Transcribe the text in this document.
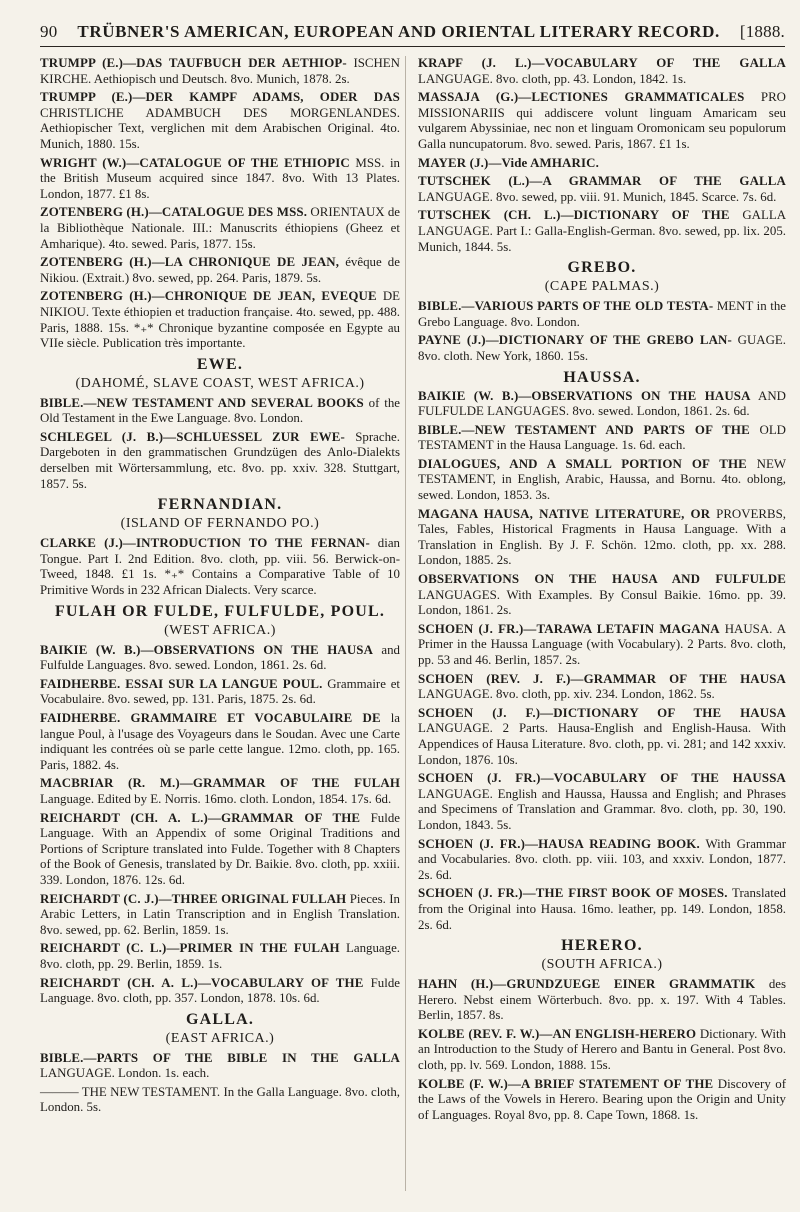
90 TRÜBNER'S AMERICAN, EUROPEAN AND ORIENTAL LITERARY RECORD. [1888.
TRUMPP (E.)—DAS TAUFBUCH DER AETHIOP- ISCHEN KIRCHE. Aethiopisch und Deutsch. 8vo. Munich, 1878. 2s.
TRUMPP (E.)—DER KAMPF ADAMS, ODER DAS CHRISTLICHE ADAMBUCH DES MORGENLANDES. Aethiopischer Text, verglichen mit dem Arabischen Original. 4to. Munich, 1880. 15s.
WRIGHT (W.)—CATALOGUE OF THE ETHIOPIC MSS. in the British Museum acquired since 1847. 8vo. With 13 Plates. London, 1877. £1 8s.
ZOTENBERG (H.)—CATALOGUE DES MSS. ORIENTAUX de la Bibliothèque Nationale. III.: Manuscrits éthiopiens (Gheez et Amharique). 4to. sewed. Paris, 1877. 15s.
ZOTENBERG (H.)—LA CHRONIQUE DE JEAN, évêque de Nikiou. (Extrait.) 8vo. sewed, pp. 264. Paris, 1879. 5s.
ZOTENBERG (H.)—CHRONIQUE DE JEAN, EVEQUE DE NIKIOU. Texte éthiopien et traduction française. 4to. sewed, pp. 488. Paris, 1888. 15s. *₊* Chronique byzantine composée en Egypte au VIIe siècle. Publication très importante.
EWE.
(DAHOMÉ, SLAVE COAST, WEST AFRICA.)
BIBLE.—NEW TESTAMENT AND SEVERAL BOOKS of the Old Testament in the Ewe Language. 8vo. London.
SCHLEGEL (J. B.)—SCHLUESSEL ZUR EWE- Sprache. Dargeboten in den grammatischen Grundzügen des Anlo-Dialekts derselben mit Wörtersammlung, etc. 8vo. pp. xxiv. 328. Stuttgart, 1857. 5s.
FERNANDIAN.
(ISLAND OF FERNANDO PO.)
CLARKE (J.)—INTRODUCTION TO THE FERNAN- dian Tongue. Part I. 2nd Edition. 8vo. cloth, pp. viii. 56. Berwick-on-Tweed, 1848. £1 1s. *₊* Contains a Comparative Table of 10 Primitive Words in 232 African Dialects. Very scarce.
FULAH OR FULDE, FULFULDE, POUL.
(WEST AFRICA.)
BAIKIE (W. B.)—OBSERVATIONS ON THE HAUSA and Fulfulde Languages. 8vo. sewed. London, 1861. 2s. 6d.
FAIDHERBE. ESSAI SUR LA LANGUE POUL. Grammaire et Vocabulaire. 8vo. sewed, pp. 131. Paris, 1875. 2s. 6d.
FAIDHERBE. GRAMMAIRE ET VOCABULAIRE DE la langue Poul, à l'usage des Voyageurs dans le Soudan. Avec une Carte indiquant les contrées où se parle cette langue. 12mo. cloth, pp. 165. Paris, 1882. 4s.
MACBRIAR (R. M.)—GRAMMAR OF THE FULAH Language. Edited by E. Norris. 16mo. cloth. London, 1854. 17s. 6d.
REICHARDT (CH. A. L.)—GRAMMAR OF THE Fulde Language. With an Appendix of some Original Traditions and Portions of Scripture translated into Fulde. Together with 8 Chapters of the Book of Genesis, translated by Dr. Baikie. 8vo. cloth, pp. xxiii. 339. London, 1876. 12s. 6d.
REICHARDT (C. J.)—THREE ORIGINAL FULLAH Pieces. In Arabic Letters, in Latin Transcription and in English Translation. 8vo. sewed, pp. 62. Berlin, 1859. 1s.
REICHARDT (C. L.)—PRIMER IN THE FULAH Language. 8vo. cloth, pp. 29. Berlin, 1859. 1s.
REICHARDT (CH. A. L.)—VOCABULARY OF THE Fulde Language. 8vo. cloth, pp. 357. London, 1878. 10s. 6d.
GALLA.
(EAST AFRICA.)
BIBLE.—PARTS OF THE BIBLE IN THE GALLA LANGUAGE. London. 1s. each.
——— THE NEW TESTAMENT. In the Galla Language. 8vo. cloth, London. 5s.
KRAPF (J. L.)—VOCABULARY OF THE GALLA LANGUAGE. 8vo. cloth, pp. 43. London, 1842. 1s.
MASSAJA (G.)—LECTIONES GRAMMATICALES PRO MISSIONARIIS qui addiscere volunt linguam Amaricam seu vulgarem Abyssiniae, nec non et linguam Oromonicam seu populorum Galla nuncupatorum. 8vo. sewed. Paris, 1867. £1 1s.
MAYER (J.)—Vide AMHARIC.
TUTSCHEK (L.)—A GRAMMAR OF THE GALLA LANGUAGE. 8vo. sewed, pp. viii. 91. Munich, 1845. Scarce. 7s. 6d.
TUTSCHEK (CH. L.)—DICTIONARY OF THE GALLA LANGUAGE. Part I.: Galla-English-German. 8vo. sewed, pp. lix. 205. Munich, 1844. 5s.
GREBO.
(CAPE PALMAS.)
BIBLE.—VARIOUS PARTS OF THE OLD TESTA- MENT in the Grebo Language. 8vo. London.
PAYNE (J.)—DICTIONARY OF THE GREBO LAN- GUAGE. 8vo. cloth. New York, 1860. 15s.
HAUSSA.
BAIKIE (W. B.)—OBSERVATIONS ON THE HAUSA AND FULFULDE LANGUAGES. 8vo. sewed. London, 1861. 2s. 6d.
BIBLE.—NEW TESTAMENT AND PARTS OF THE OLD TESTAMENT in the Hausa Language. 1s. 6d. each.
DIALOGUES, AND A SMALL PORTION OF THE NEW TESTAMENT, in English, Arabic, Haussa, and Bornu. 4to. oblong, sewed. London, 1853. 3s.
MAGANA HAUSA, NATIVE LITERATURE, OR PROVERBS, Tales, Fables, Historical Fragments in Hausa Language. With a Translation in English. By J. F. Schön. 12mo. cloth, pp. xx. 288. London, 1885. 2s.
OBSERVATIONS ON THE HAUSA AND FULFULDE LANGUAGES. With Examples. By Consul Baikie. 16mo. pp. 39. London, 1861. 2s.
SCHOEN (J. FR.)—TARAWA LETAFIN MAGANA HAUSA. A Primer in the Haussa Language (with Vocabulary). 2 Parts. 8vo. cloth, pp. 53 and 46. Berlin, 1857. 2s.
SCHOEN (REV. J. F.)—GRAMMAR OF THE HAUSA LANGUAGE. 8vo. cloth, pp. xiv. 234. London, 1862. 5s.
SCHOEN (J. F.)—DICTIONARY OF THE HAUSA LANGUAGE. 2 Parts. Hausa-English and English-Hausa. With Appendices of Hausa Literature. 8vo. cloth, pp. vi. 281; and 142 xxxiv. London, 1876. 10s.
SCHOEN (J. FR.)—VOCABULARY OF THE HAUSSA LANGUAGE. English and Haussa, Haussa and English; and Phrases and Specimens of Translation and Grammar. 8vo. cloth, pp. 30, 190. London, 1843. 5s.
SCHOEN (J. FR.)—HAUSA READING BOOK. With Grammar and Vocabularies. 8vo. cloth. pp. viii. 103, and xxxiv. London, 1877. 2s. 6d.
SCHOEN (J. FR.)—THE FIRST BOOK OF MOSES. Translated from the Original into Hausa. 16mo. leather, pp. 149. London, 1858. 2s. 6d.
HERERO.
(SOUTH AFRICA.)
HAHN (H.)—GRUNDZUEGE EINER GRAMMATIK des Herero. Nebst einem Wörterbuch. 8vo. pp. x. 197. With 4 Tables. Berlin, 1857. 8s.
KOLBE (REV. F. W.)—AN ENGLISH-HERERO Dictionary. With an Introduction to the Study of Herero and Bantu in General. Post 8vo. cloth, pp. lv. 569. London, 1888. 15s.
KOLBE (F. W.)—A BRIEF STATEMENT OF THE Discovery of the Laws of the Vowels in Herero. Bearing upon the Origin and Unity of Languages. Royal 8vo, pp. 8. Cape Town, 1868. 1s.
